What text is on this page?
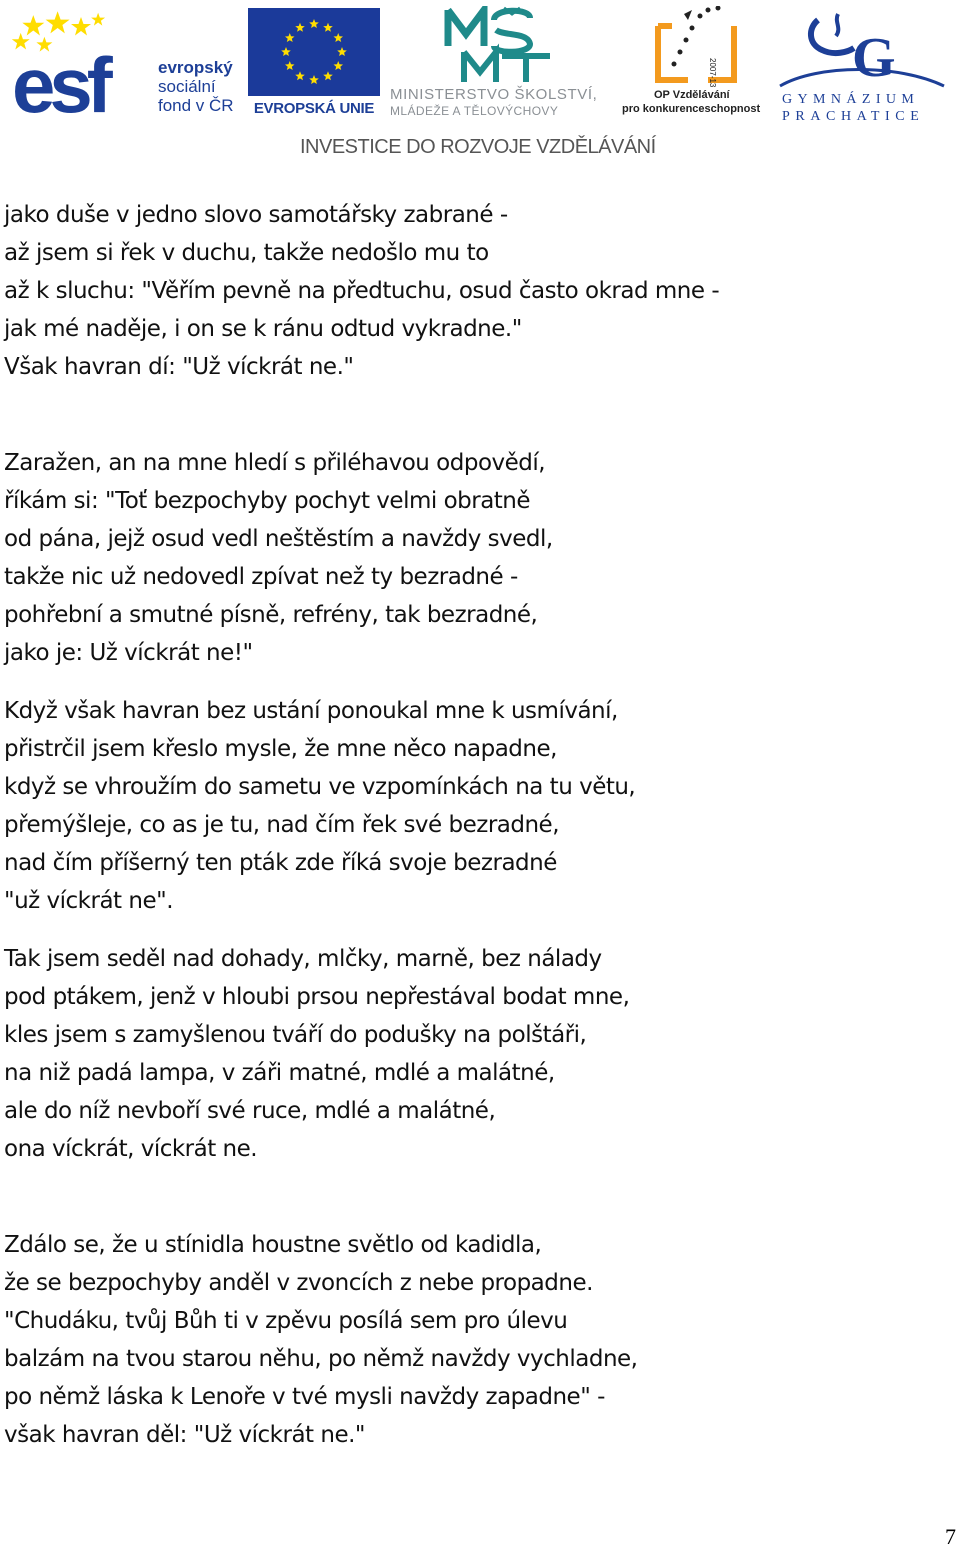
esf	evropský
sociální
fond v ČR	EVROPSKÁ UNIE
MINISTERSTVO ŠKOLSTVÍ,
MLÁDEŽE A TĚLOVÝCHOVY
2007-13
OP Vzdělávání
pro konkurenceschopnost
G
GYMNÁZIUM
PRACHATICE
INVESTICE DO ROZVOJE VZDĚLÁVÁNÍ
jako duše v jedno slovo samotářsky zabrané -
až jsem si řek v duchu, takže nedošlo mu to
až k sluchu: "Věřím pevně na předtuchu, osud často okrad mne -
jak mé naděje, i on se k ránu odtud vykradne."
Však havran dí: "Už víckrát ne."
Zaražen, an na mne hledí s přiléhavou odpovědí,
říkám si: "Toť bezpochyby pochyt velmi obratně
od pána, jejž osud vedl neštěstím a navždy svedl,
takže nic už nedovedl zpívat než ty bezradné -
pohřební a smutné písně, refrény, tak bezradné,
jako je: Už víckrát ne!"
Když však havran bez ustání ponoukal mne k usmívání,
přistrčil jsem křeslo mysle, že mne něco napadne,
když se vhroužím do sametu ve vzpomínkách na tu větu,
přemýšleje, co as je tu, nad čím řek své bezradné,
nad čím příšerný ten pták zde říká svoje bezradné
"už víckrát ne".
Tak jsem seděl nad dohady, mlčky, marně, bez nálady
pod ptákem, jenž v hloubi prsou nepřestával bodat mne,
kles jsem s zamyšlenou tváří do podušky na polštáři,
na niž padá lampa, v záři matné, mdlé a malátné,
ale do níž nevboří své ruce, mdlé a malátné,
ona víckrát, víckrát ne.
Zdálo se, že u stínidla houstne světlo od kadidla,
že se bezpochyby anděl v zvoncích z nebe propadne.
"Chudáku, tvůj Bůh ti v zpěvu posílá sem pro úlevu
balzám na tvou starou něhu, po němž navždy vychladne,
po němž láska k Lenoře v tvé mysli navždy zapadne" -
však havran děl: "Už víckrát ne."
7
